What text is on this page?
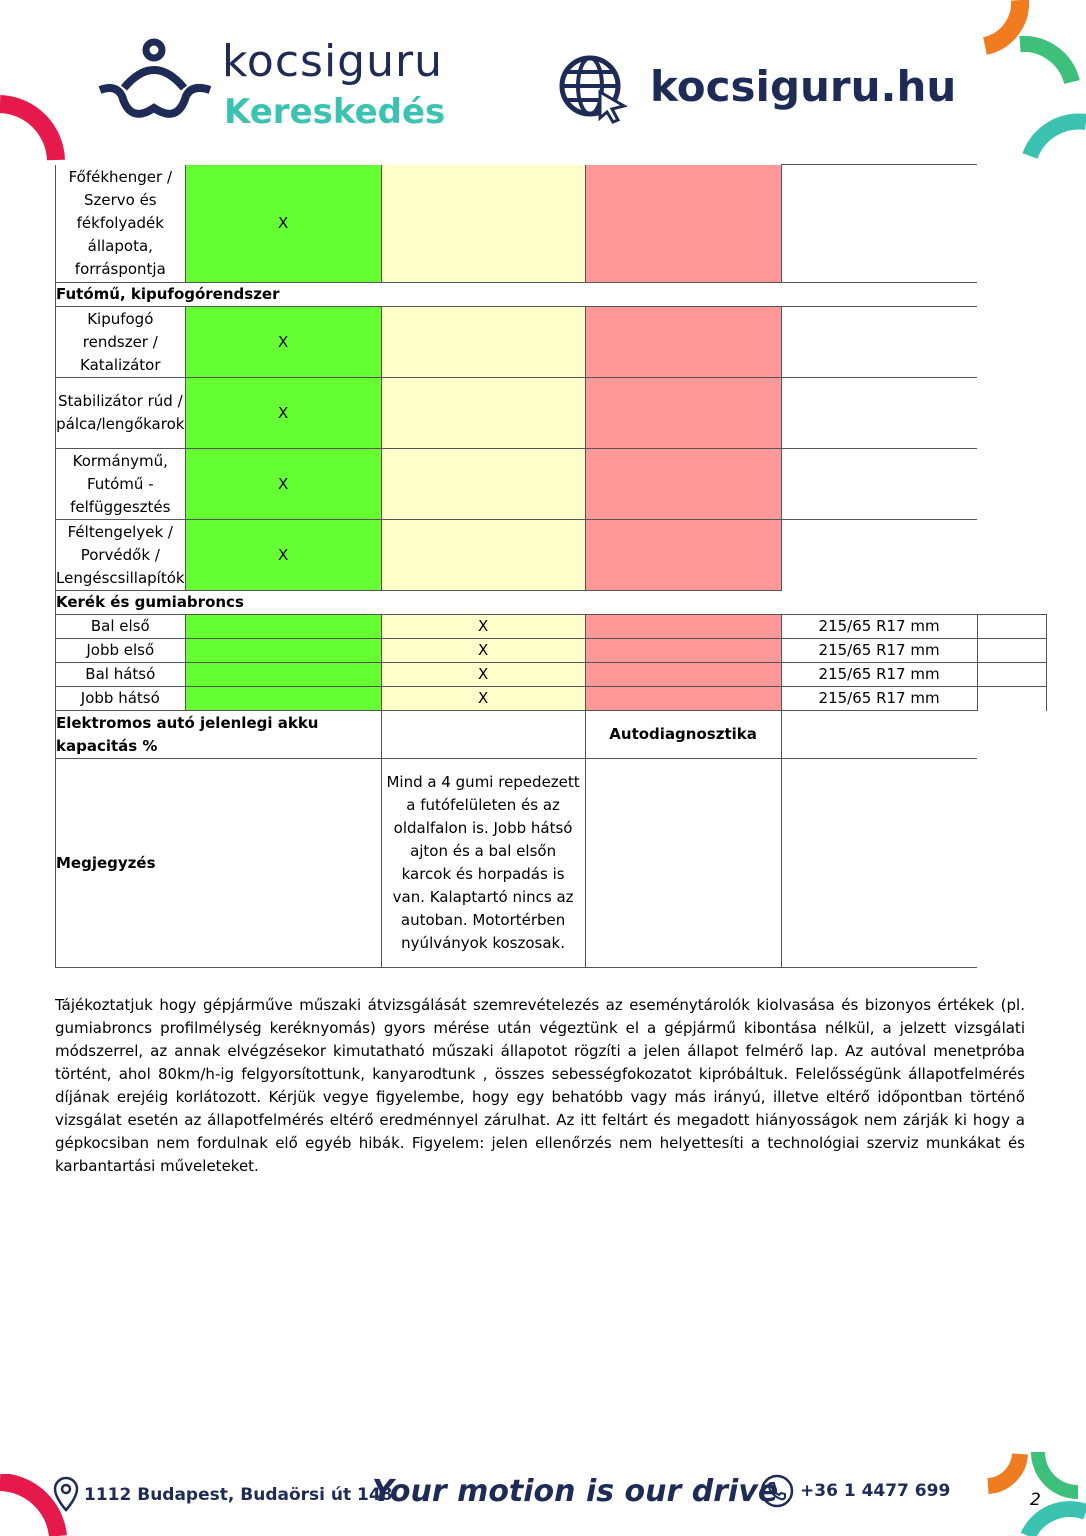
kocsiguru
Kereskedés
kocsiguru.hu
Főfékhenger / Szervo és fékfolyadék állapota, forráspontja	X				
Futómű, kipufogórendszer					
Kipufogó rendszer / Katalizátor	X				
Stabilizátor rúd / pálca/lengőkarok	X				
Kormánymű, Futómű - felfüggesztés	X				
Féltengelyek / Porvédők / Lengéscsillapítók	X				
Kerék és gumiabroncs					
Bal első		X		215/65 R17 mm	
Jobb első		X		215/65 R17 mm	
Bal hátsó		X		215/65 R17 mm	
Jobb hátsó		X		215/65 R17 mm	
Elektromos autó jelenlegi akku kapacitás %			Autodiagnosztika		
Megjegyzés		Mind a 4 gumi repedezett a futófelületen és az oldalfalon is. Jobb hátsó ajton és a bal elsőn karcok és horpadás is van. Kalaptartó nincs az autoban. Motortérben nyúlványok koszosak.			
Tájékoztatjuk hogy gépjárműve műszaki átvizsgálását szemrevételezés az eseménytárolók kiolvasása és bizonyos értékek (pl. gumiabroncs profilmélység keréknyomás) gyors mérése után végeztünk el a gépjármű kibontása nélkül, a jelzett vizsgálati módszerrel, az annak elvégzésekor kimutatható műszaki állapotot rögzíti a jelen állapot felmérő lap. Az autóval menetpróba történt, ahol 80km/h-ig felgyorsítottunk, kanyarodtunk , összes sebességfokozatot kipróbáltuk. Felelősségünk állapotfelmérés díjának erejéig korlátozott. Kérjük vegye figyelembe, hogy egy behatóbb vagy más irányú, illetve eltérő időpontban történő vizsgálat esetén az állapotfelmérés eltérő eredménnyel zárulhat. Az itt feltárt és megadott hiányosságok nem zárják ki hogy a gépkocsiban nem fordulnak elő egyéb hibák. Figyelem: jelen ellenőrzés nem helyettesíti a technológiai szerviz munkákat és karbantartási műveleteket.
1112 Budapest, Budaörsi út 148.
Your motion is our drive +36 1 4477 699	2
